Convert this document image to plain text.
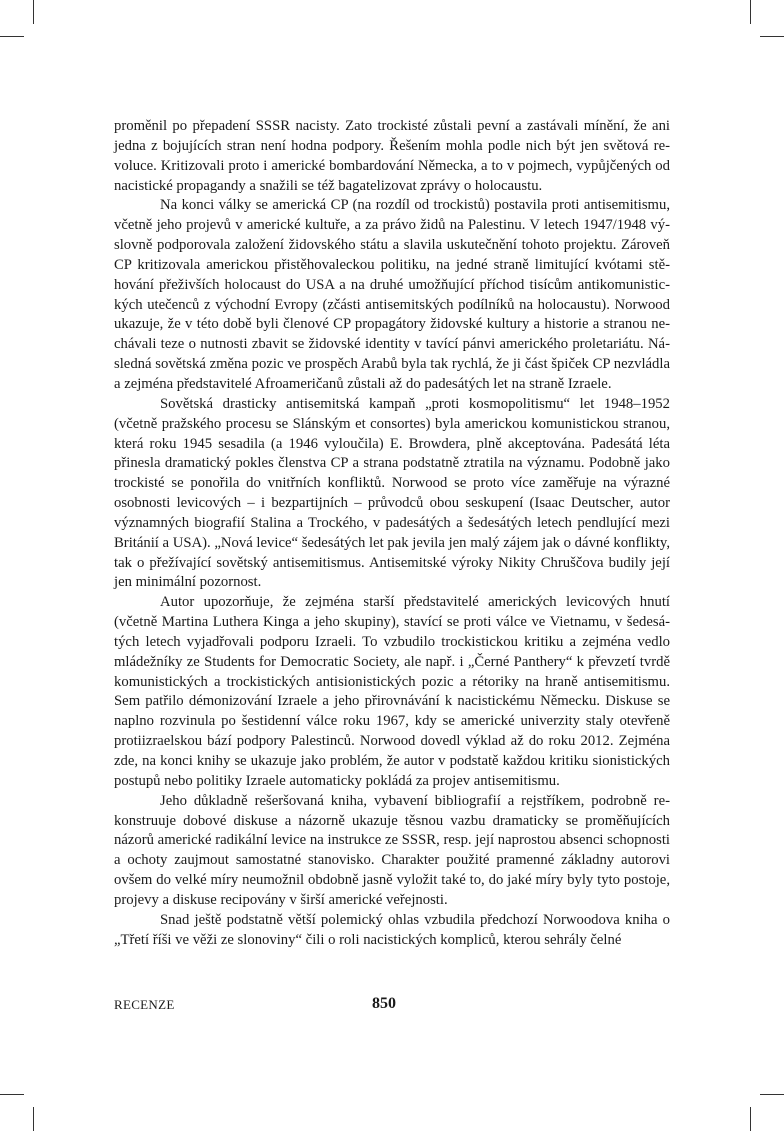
proměnil po přepadení SSSR nacisty. Zato trockisté zůstali pevní a zastávali mínění, že ani jedna z bojujících stran není hodna podpory. Řešením mohla podle nich být jen světová revoluce. Kritizovali proto i americké bombardování Německa, a to v pojmech, vypůjčených od nacistické propagandy a snažili se též bagatelizovat zprávy o holocaustu.

Na konci války se americká CP (na rozdíl od trockistů) postavila proti antisemitismu, včetně jeho projevů v americké kultuře, a za právo židů na Palestinu. V letech 1947/1948 výslovně podporovala založení židovského státu a slavila uskutečnění tohoto projektu. Zároveň CP kritizovala americkou přistěhovaleckou politiku, na jedné straně limitující kvótami stěhování přeživších holocaust do USA a na druhé umožňující příchod tisícům antikomunistických utečenců z východní Evropy (zčásti antisemitských podílníků na holocaustu). Norwood ukazuje, že v této době byli členové CP propagátory židovské kultury a historie a stranou nechávali teze o nutnosti zbavit se židovské identity v tavící pánvi amerického proletariátu. Následná sovětská změna pozic ve prospěch Arabů byla tak rychlá, že ji část špiček CP nezvládla a zejména představitelé Afroameričanů zůstali až do padesátých let na straně Izraele.

Sovětská drasticky antisemitská kampaň „proti kosmopolitismu“ let 1948–1952 (včetně pražského procesu se Slánským et consortes) byla americkou komunistickou stranou, která roku 1945 sesadila (a 1946 vyloučila) E. Browdera, plně akceptována. Padesátá léta přinesla dramatický pokles členstva CP a strana podstatně ztratila na významu. Podobně jako trockisté se ponořila do vnitřních konfliktů. Norwood se proto více zaměřuje na výrazné osobnosti levicových – i bezpartijních – průvodců obou seskupení (Isaac Deutscher, autor významných biografií Stalina a Trockého, v padesátých a šedesátých letech pendlující mezi Británií a USA). „Nová levice“ šedesátých let pak jevila jen malý zájem jak o dávné konflikty, tak o přežívající sovětský antisemitismus. Antisemitské výroky Nikity Chruščova budily její jen minimální pozornost.

Autor upozorňuje, že zejména starší představitelé amerických levicových hnutí (včetně Martina Luthera Kinga a jeho skupiny), stavící se proti válce ve Vietnamu, v šedesátých letech vyjadřovali podporu Izraeli. To vzbudilo trockistickou kritiku a zejména vedlo mládežníky ze Students for Democratic Society, ale např. i „Černé Panthery“ k převzetí tvrdě komunistických a trockistických antisionistických pozic a rétoriky na hraně antisemitismu. Sem patřilo démonizování Izraele a jeho přirovnávání k nacistickému Německu. Diskuse se naplno rozvinula po šestidenní válce roku 1967, kdy se americké univerzity staly otevřeně protiizraelskou bází podpory Palestinců. Norwood dovedl výklad až do roku 2012. Zejména zde, na konci knihy se ukazuje jako problém, že autor v podstatě každou kritiku sionistických postupů nebo politiky Izraele automaticky pokládá za projev antisemitismu.

Jeho důkladně rešeršovaná kniha, vybavení bibliografií a rejstříkem, podrobně rekonstruuje dobové diskuse a názorně ukazuje těsnou vazbu dramaticky se proměňujících názorů americké radikální levice na instrukce ze SSSR, resp. její naprostou absenci schopnosti a ochoty zaujmout samostatné stanovisko. Charakter použité pramenné základny autorovi ovšem do velké míry neumožnil obdobně jasně vyložit také to, do jaké míry byly tyto postoje, projevy a diskuse recipovány v širší americké veřejnosti.

Snad ještě podstatně větší polemický ohlas vzbudila předchozí Norwoodova kniha o „Třetí říši ve věži ze slonoviny“ čili o roli nacistických kompliců, kterou sehrály čelné

RECENZE	850
